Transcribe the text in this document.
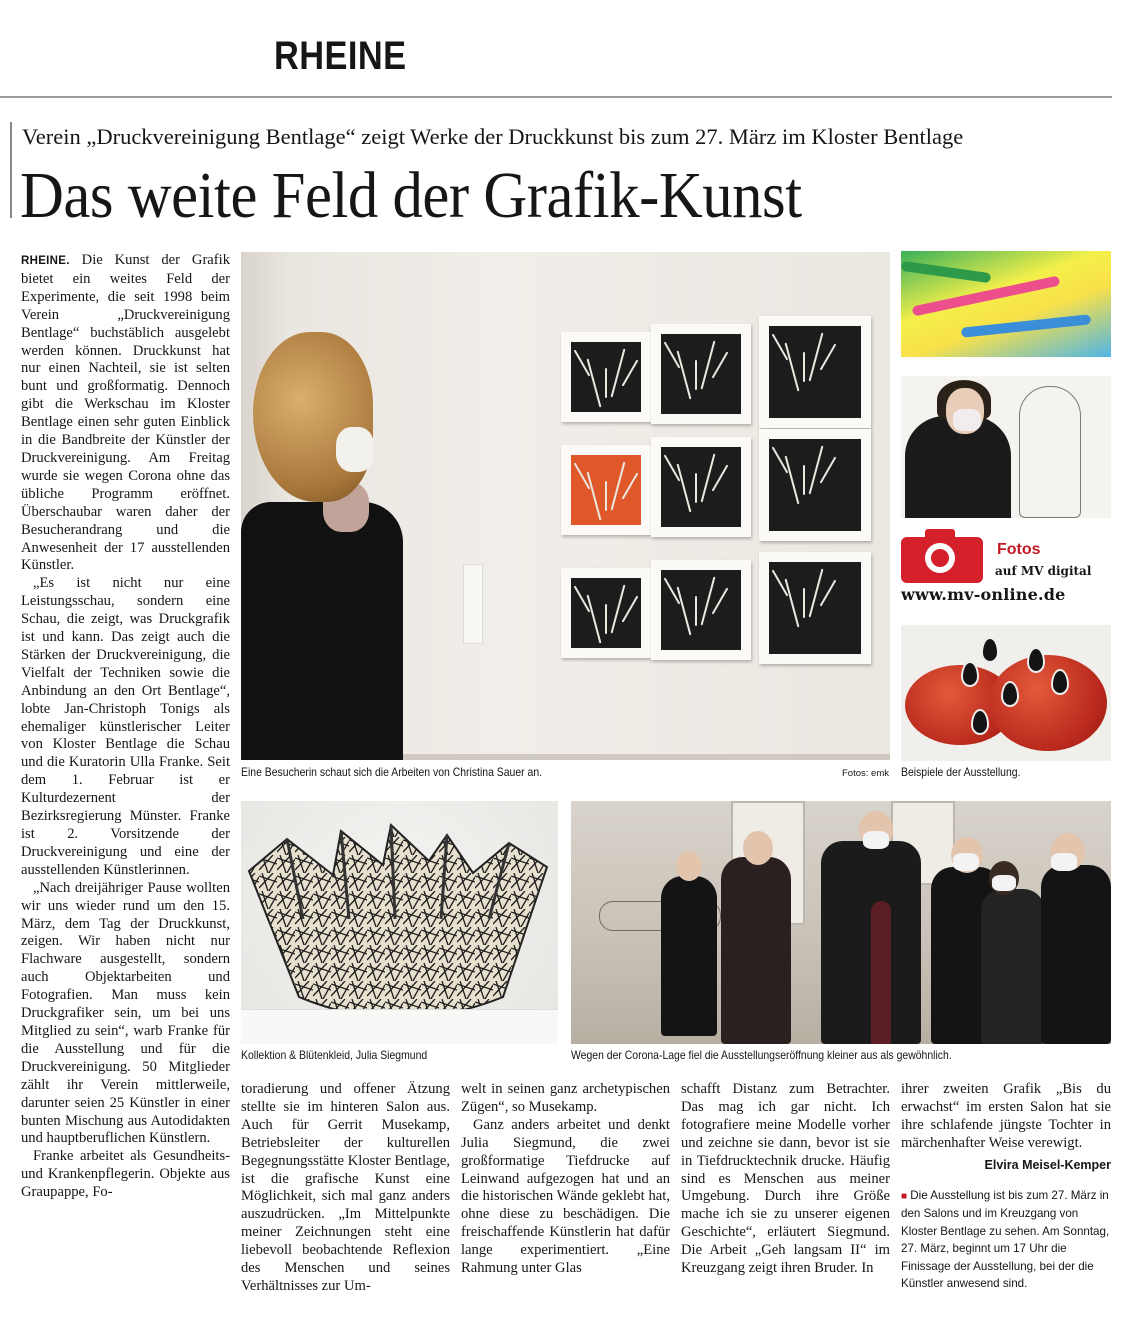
RHEINE
Verein „Druckvereinigung Bentlage“ zeigt Werke der Druckkunst bis zum 27. März im Kloster Bentlage
Das weite Feld der Grafik-Kunst

RHEINE. Die Kunst der Grafik bietet ein weites Feld der Experimente, die seit 1998 beim Verein „Druckvereinigung Bentlage“ buchstäblich ausgelebt werden können. Druckkunst hat nur einen Nachteil, sie ist selten bunt und großformatig. Dennoch gibt die Werkschau im Kloster Bentlage einen sehr guten Einblick in die Bandbreite der Künstler der Druckvereinigung. Am Freitag wurde sie wegen Corona ohne das übliche Programm eröffnet. Überschaubar waren daher der Besucherandrang und die Anwesenheit der 17 ausstellenden Künstler.

„Es ist nicht nur eine Leistungsschau, sondern eine Schau, die zeigt, was Druckgrafik ist und kann. Das zeigt auch die Stärken der Druckvereinigung, die Vielfalt der Techniken sowie die Anbindung an den Ort Bentlage“, lobte Jan-Christoph Tonigs als ehemaliger künstlerischer Leiter von Kloster Bentlage die Schau und die Kuratorin Ulla Franke. Seit dem 1. Februar ist er Kulturdezernent der Bezirksregierung Münster. Franke ist 2. Vorsitzende der Druckvereinigung und eine der ausstellenden Künstlerinnen.

„Nach dreijähriger Pause wollten wir uns wieder rund um den 15. März, dem Tag der Druckkunst, zeigen. Wir haben nicht nur Flachware ausgestellt, sondern auch Objektarbeiten und Fotografien. Man muss kein Druckgrafiker sein, um bei uns Mitglied zu sein“, warb Franke für die Ausstellung und für die Druckvereinigung. 50 Mitglieder zählt ihr Verein mittlerweile, darunter seien 25 Künstler in einer bunten Mischung aus Autodidakten und hauptberuflichen Künstlern.

Franke arbeitet als Gesundheits- und Krankenpflegerin. Objekte aus Graupappe, Fo-

toradierung und offener Ätzung stellte sie im hinteren Salon aus. Auch für Gerrit Musekamp, Betriebsleiter der kulturellen Begegnungsstätte Kloster Bentlage, ist die grafische Kunst eine Möglichkeit, sich mal ganz anders auszudrücken. „Im Mittelpunkte meiner Zeichnungen steht eine liebevoll beobachtende Reflexion des Menschen und seines Verhältnisses zur Um-

welt in seinen ganz archetypischen Zügen“, so Musekamp.

Ganz anders arbeitet und denkt Julia Siegmund, die zwei großformatige Tiefdrucke auf Leinwand aufgezogen hat und an die historischen Wände geklebt hat, ohne diese zu beschädigen. Die freischaffende Künstlerin hat dafür lange experimentiert. „Eine Rahmung unter Glas

schafft Distanz zum Betrachter. Das mag ich gar nicht. Ich fotografiere meine Modelle vorher und zeichne sie dann, bevor ist sie in Tiefdrucktechnik drucke. Häufig sind es Menschen aus meiner Umgebung. Durch ihre Größe mache ich sie zu unserer eigenen Geschichte“, erläutert Siegmund. Die Arbeit „Geh langsam II“ im Kreuzgang zeigt ihren Bruder. In

ihrer zweiten Grafik „Bis du erwachst“ im ersten Salon hat sie ihre schlafende jüngste Tochter in märchenhafter Weise verewigt.

Elvira Meisel-Kemper
■ Die Ausstellung ist bis zum 27. März in den Salons und im Kreuzgang von Kloster Bentlage zu sehen. Am Sonntag, 27. März, beginnt um 17 Uhr die Finissage der Ausstellung, bei der die Künstler anwesend sind.
Eine Besucherin schaut sich die Arbeiten von Christina Sauer an.	Fotos: emk
Fotos
auf MV digital
www.mv-online.de
Beispiele der Ausstellung.
Kollektion & Blütenkleid, Julia Siegmund	Wegen der Corona-Lage fiel die Ausstellungseröffnung kleiner aus als gewöhnlich.
